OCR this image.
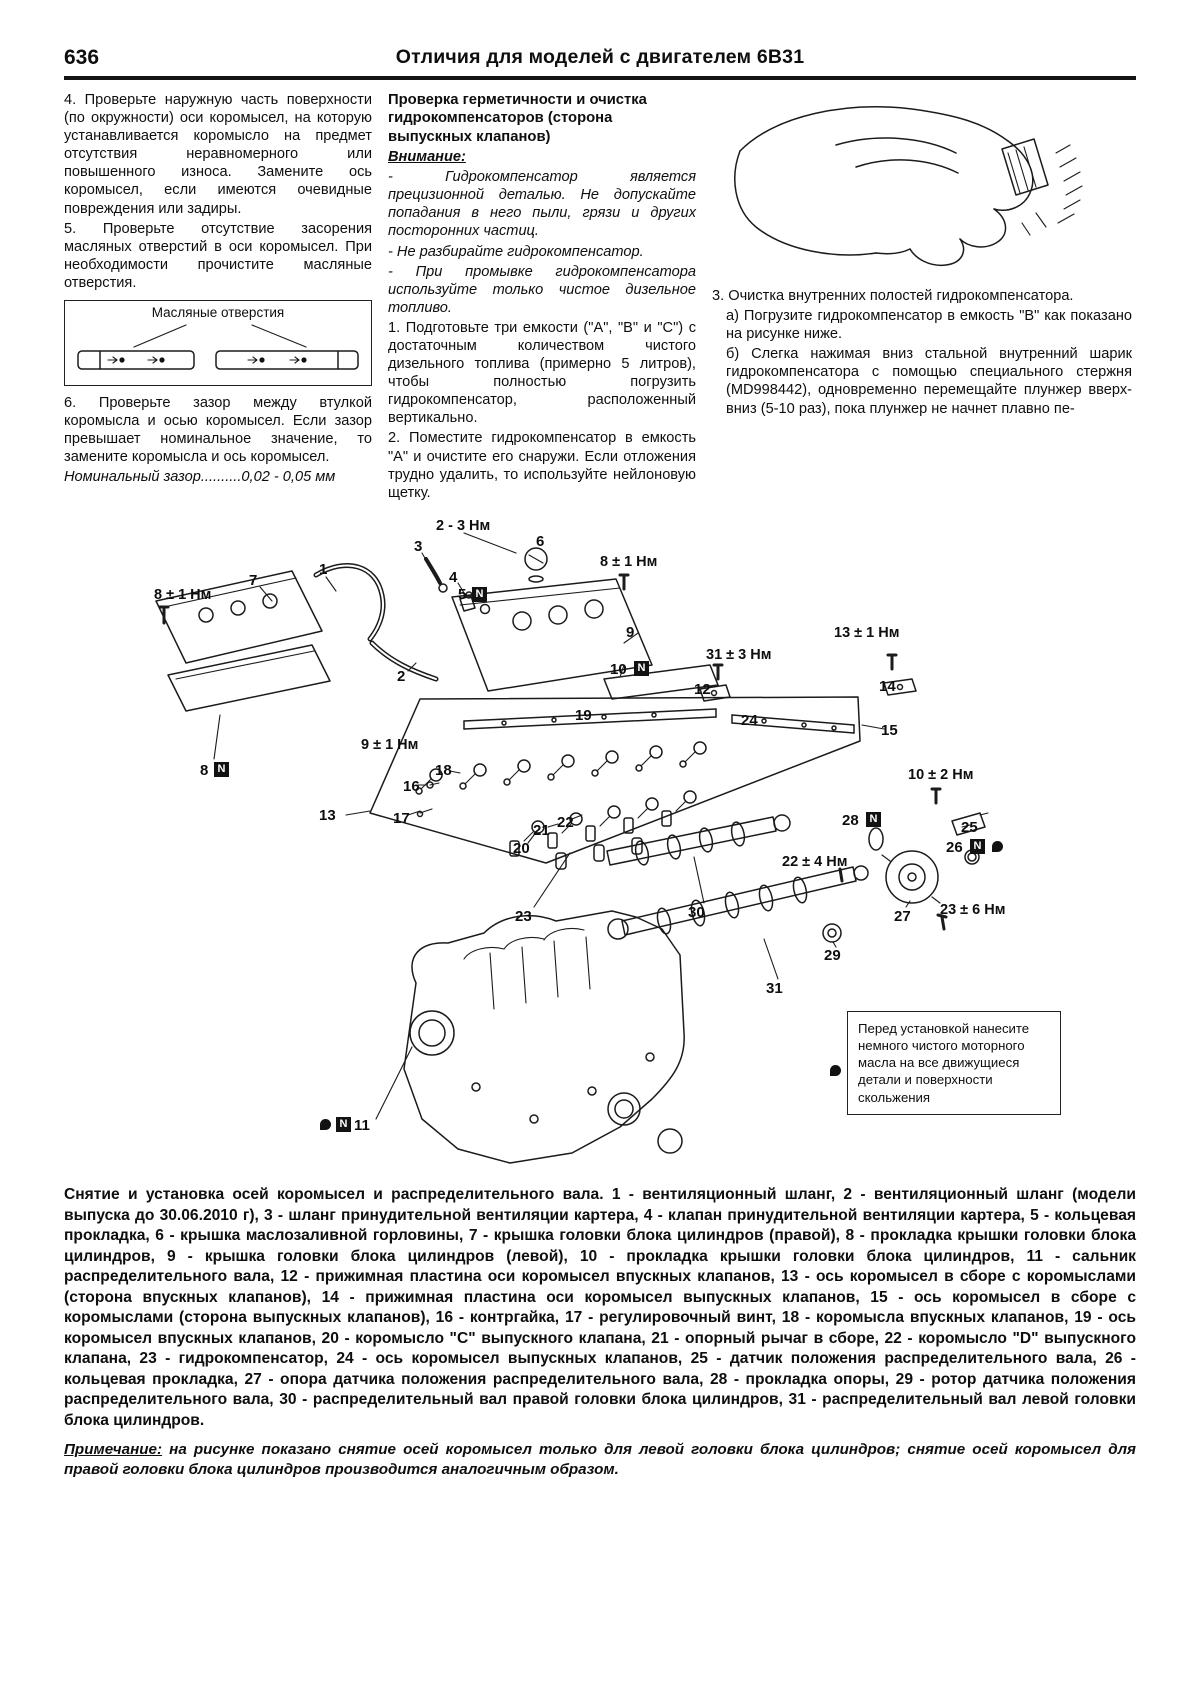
636	Отличия для моделей с двигателем 6В31

4. Проверьте наружную часть поверхности (по окружности) оси коромысел, на которую устанавливается коромысло на предмет отсутствия неравномерного или повышенного износа. Замените ось коромысел, если имеются очевидные повреждения или задиры.

5. Проверьте отсутствие засорения масляных отверстий в оси коромысел. При необходимости прочистите масляные отверстия.

Масляные отверстия

6. Проверьте зазор между втулкой коромысла и осью коромысел. Если зазор превышает номинальное значение, то замените коромысла и ось коромысел.

Номинальный зазор..........0,02 - 0,05 мм

Проверка герметичности и очистка гидрокомпенсаторов (сторона выпускных клапанов)

Внимание:

- Гидрокомпенсатор является прецизионной деталью. Не допускайте попадания в него пыли, грязи и других посторонних частиц.

- Не разбирайте гидрокомпенсатор.

- При промывке гидрокомпенсатора используйте только чистое дизельное топливо.

1. Подготовьте три емкости ("А", "В" и "С") с достаточным количеством чистого дизельного топлива (примерно 5 литров), чтобы полностью погрузить гидрокомпенсатор, расположенный вертикально.

2. Поместите гидрокомпенсатор в емкость "А" и очистите его снаружи. Если отложения трудно удалить, то используйте нейлоновую щетку.

3. Очистка внутренних полостей гидрокомпенсатора.

а) Погрузите гидрокомпенсатор в емкость "В" как показано на рисунке ниже.

б) Слегка нажимая вниз стальной внутренний шарик гидрокомпенсатора с помощью специального стержня (MD998442), одновременно перемещайте плунжер вверх-вниз (5-10 раз), пока плунжер не начнет плавно пе-

2 - 3 Нм
3	6
8 ± 1 Нм
4
1
7
5
8 ± 1 Нм
9	13 ± 1 Нм
31 ± 3 Нм
10
12	14
2
19	24
15
9 ± 1 Нм
18
16
8
13	17
21 22
20
10 ± 2 Нм
28	25
26
22 ± 4 Нм
23	30	27 23 ± 6 Нм
29
31
11
N
N
N
N
N
N
Перед установкой нанесите немного чистого моторного масла на все движущиеся детали и поверхности скольжения

Снятие и установка осей коромысел и распределительного вала. 1 - вентиляционный шланг, 2 - вентиляционный шланг (модели выпуска до 30.06.2010 г), 3 - шланг принудительной вентиляции картера, 4 - клапан принудительной вентиляции картера, 5 - кольцевая прокладка, 6 - крышка маслозаливной горловины, 7 - крышка головки блока цилиндров (правой), 8 - прокладка крышки головки блока цилиндров, 9 - крышка головки блока цилиндров (левой), 10 - прокладка крышки головки блока цилиндров, 11 - сальник распределительного вала, 12 - прижимная пластина оси коромысел впускных клапанов, 13 - ось коромысел в сборе с коромыслами (сторона впускных клапанов), 14 - прижимная пластина оси коромысел выпускных клапанов, 15 - ось коромысел в сборе с коромыслами (сторона выпускных клапанов), 16 - контргайка, 17 - регулировочный винт, 18 - коромысла впускных клапанов, 19 - ось коромысел впускных клапанов, 20 - коромысло "С" выпускного клапана, 21 - опорный рычаг в сборе, 22 - коромысло "D" выпускного клапана, 23 - гидрокомпенсатор, 24 - ось коромысел выпускных клапанов, 25 - датчик положения распределительного вала, 26 - кольцевая прокладка, 27 - опора датчика положения распределительного вала, 28 - прокладка опоры, 29 - ротор датчика положения распределительного вала, 30 - распределительный вал правой головки блока цилиндров, 31 - распределительный вал левой головки блока цилиндров.

Примечание: на рисунке показано снятие осей коромысел только для левой головки блока цилиндров; снятие осей коромысел для правой головки блока цилиндров производится аналогичным образом.
